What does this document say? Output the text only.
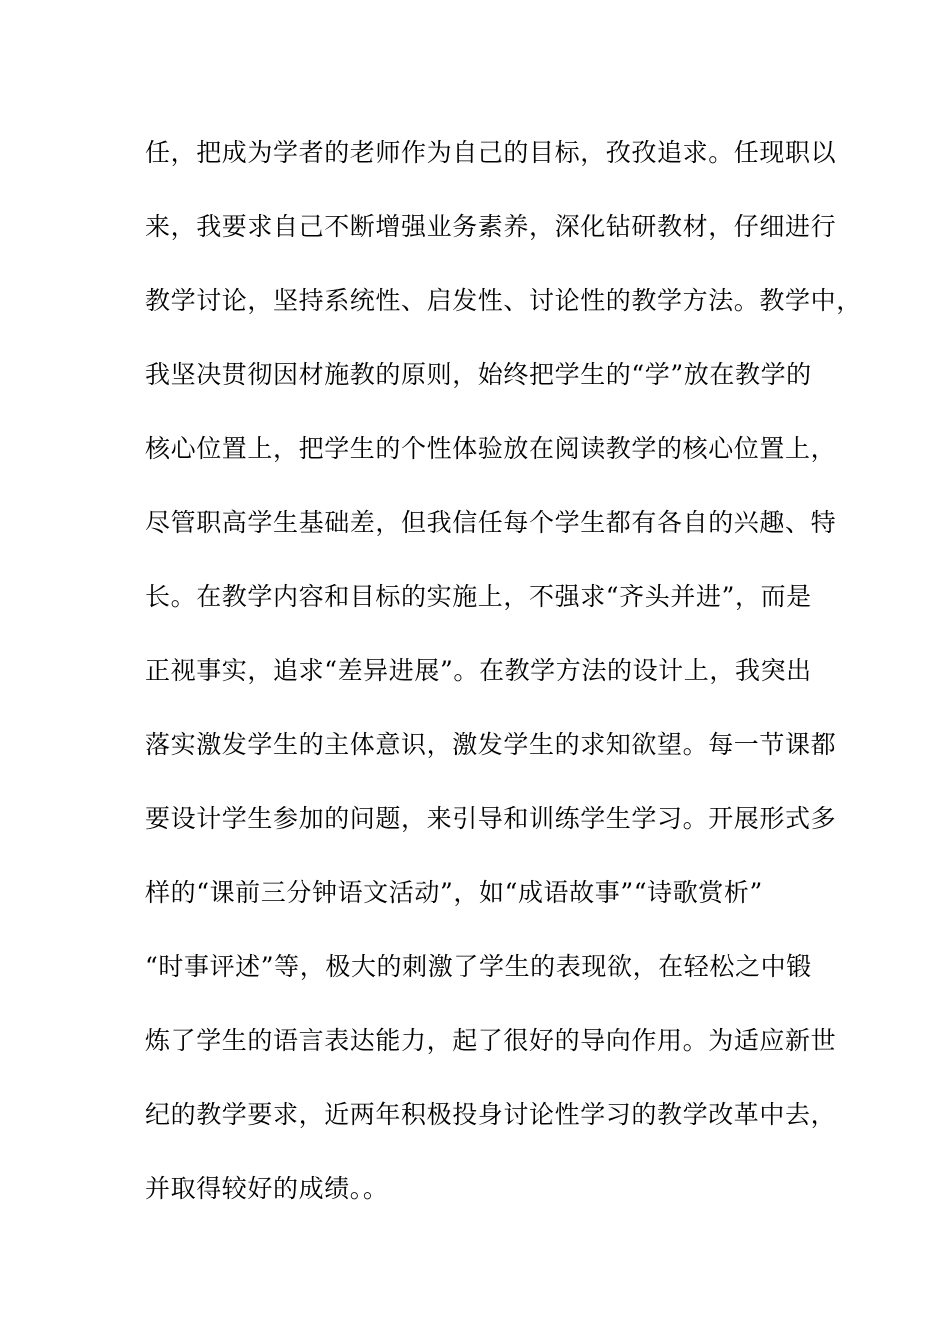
任，把成为学者的老师作为自己的目标，孜孜追求。任现职以
来，我要求自己不断增强业务素养，深化钻研教材，仔细进行
教学讨论，坚持系统性、启发性、讨论性的教学方法。教学中，
我坚决贯彻因材施教的原则，始终把学生的“学”放在教学的
核心位置上，把学生的个性体验放在阅读教学的核心位置上，
尽管职高学生基础差，但我信任每个学生都有各自的兴趣、特
长。在教学内容和目标的实施上，不强求“齐头并进”，而是
正视事实，追求“差异进展”。在教学方法的设计上，我突出
落实激发学生的主体意识，激发学生的求知欲望。每一节课都
要设计学生参加的问题，来引导和训练学生学习。开展形式多
样的“课前三分钟语文活动”，如“成语故事”“诗歌赏析”
“时事评述”等，极大的刺激了学生的表现欲，在轻松之中锻
炼了学生的语言表达能力，起了很好的导向作用。为适应新世
纪的教学要求，近两年积极投身讨论性学习的教学改革中去，
并取得较好的成绩。。
